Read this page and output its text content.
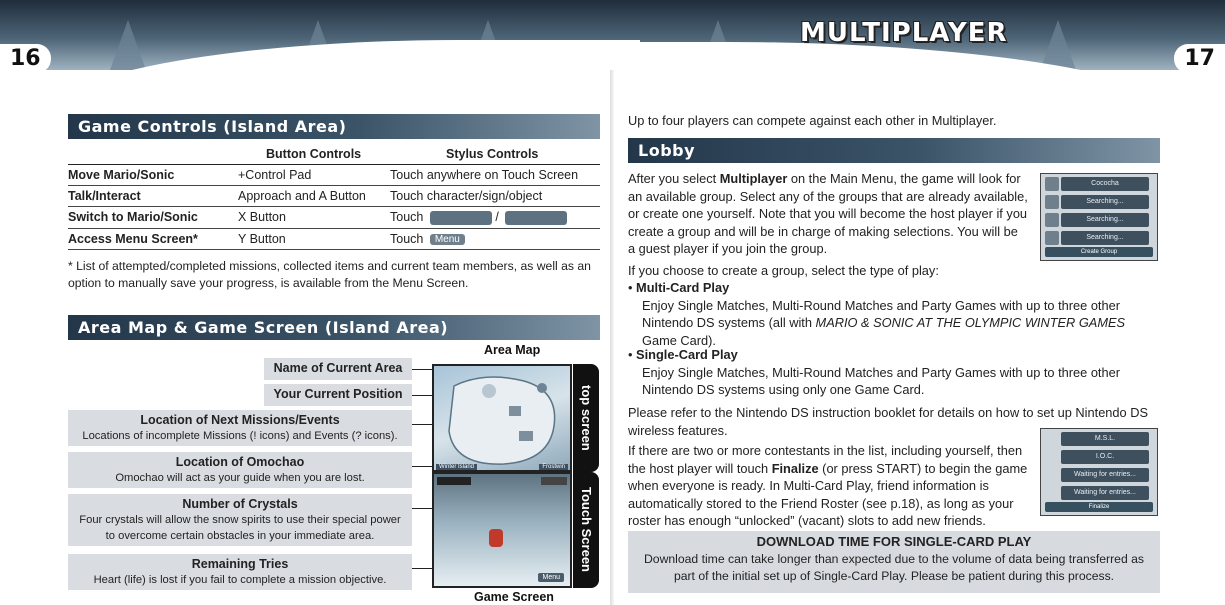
16	17
MULTIPLAYER
Game Controls (Island Area)
	Button Controls	Stylus Controls
Move Mario/Sonic	+Control Pad	Touch anywhere on Touch Screen
Talk/Interact	Approach and A Button	Touch character/sign/object
Switch to Mario/Sonic	X Button	Touch /
Access Menu Screen*	Y Button	Touch Menu
* List of attempted/completed missions, collected items and current team members, as well as an option to manually save your progress, is available from the Menu Screen.
Area Map & Game Screen (Island Area)
Area Map
Game Screen
Name of Current Area
Your Current Position
Location of Next Missions/Events
Locations of incomplete Missions (! icons) and Events (? icons).
Location of Omochao
Omochao will act as your guide when you are lost.
Number of Crystals
Four crystals will allow the snow spirits to use their special power to overcome certain obstacles in your immediate area.
Remaining Tries
Heart (life) is lost if you fail to complete a mission objective.
Winter Island	Frostwin
Menu
top screen
Touch Screen
Up to four players can compete against each other in Multiplayer.
Lobby
After you select Multiplayer on the Main Menu, the game will look for an available group. Select any of the groups that are already available, or create one yourself. Note that you will become the host player if you create a group and will be in charge of making selections. You will be a guest player if you join the group.
Cococha
Searching...
Searching...
Searching...
Create Group
If you choose to create a group, select the type of play:
• Multi-Card Play
Enjoy Single Matches, Multi-Round Matches and Party Games with up to three other Nintendo DS systems (all with MARIO & SONIC AT THE OLYMPIC WINTER GAMES Game Card).
• Single-Card Play
Enjoy Single Matches, Multi-Round Matches and Party Games with up to three other Nintendo DS systems using only one Game Card.
Please refer to the Nintendo DS instruction booklet for details on how to set up Nintendo DS wireless features.
If there are two or more contestants in the list, including yourself, then the host player will touch Finalize (or press START) to begin the game when everyone is ready. In Multi-Card Play, friend information is automatically stored to the Friend Roster (see p.18), as long as your roster has enough “unlocked” (vacant) slots to add new friends.
M.S.L.
I.O.C.
Waiting for entries...
Waiting for entries...
Finalize
DOWNLOAD TIME FOR SINGLE-CARD PLAY
Download time can take longer than expected due to the volume of data being transferred as part of the initial set up of Single-Card Play. Please be patient during this process.
